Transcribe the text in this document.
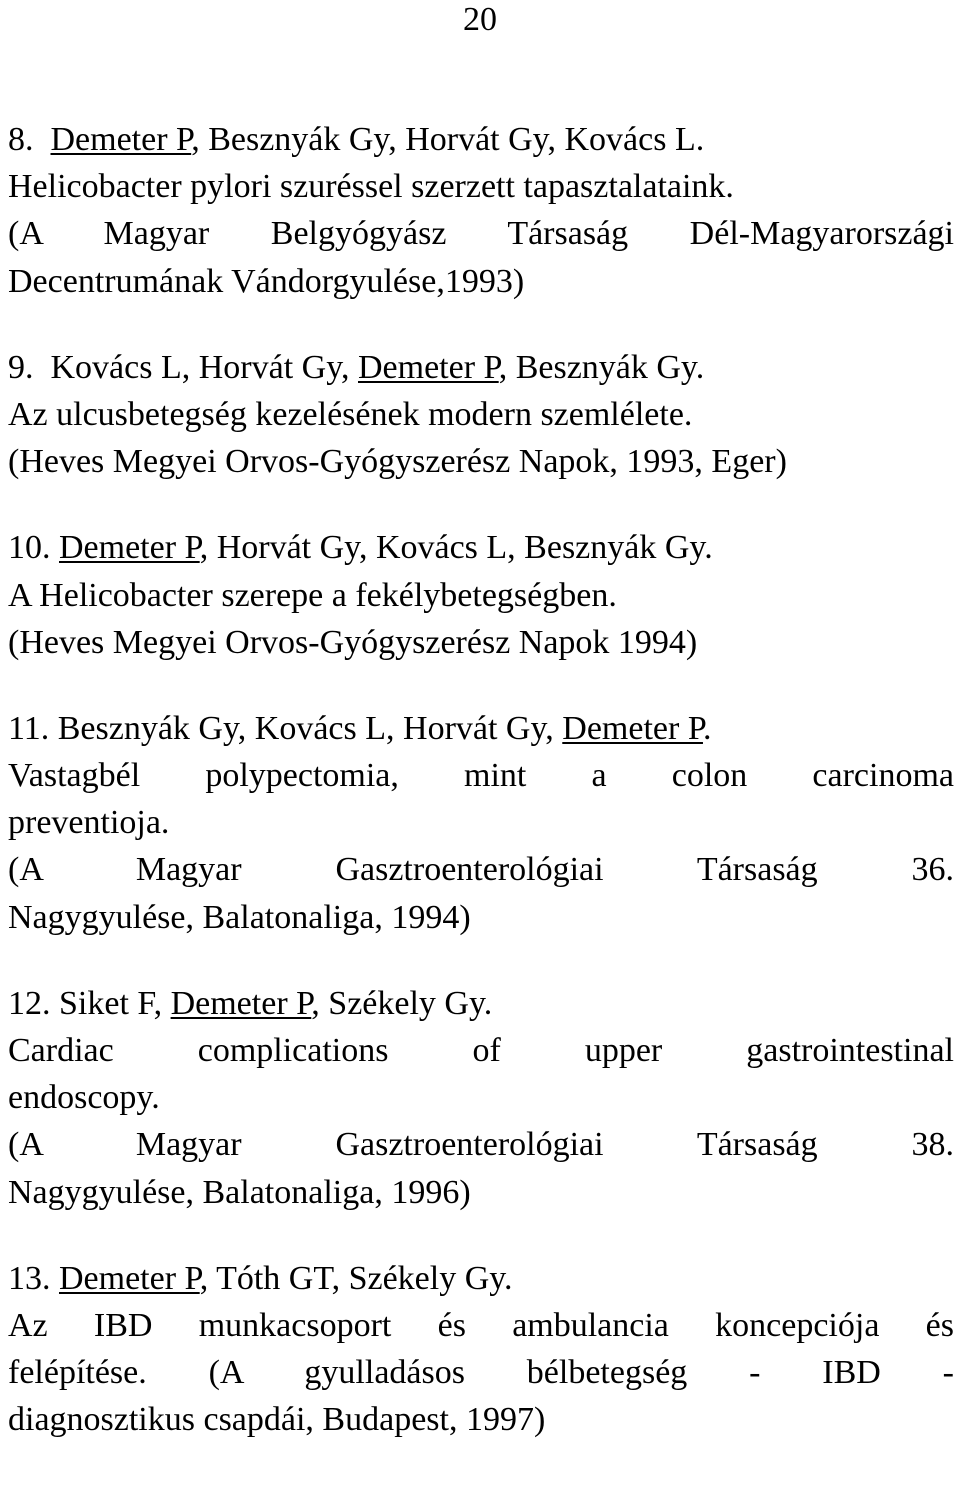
20
8. Demeter P, Besznyák Gy, Horvát Gy, Kovács L.
Helicobacter pylori szuréssel szerzett tapasztalataink.
(A Magyar Belgyógyász Társaság Dél-Magyarországi
Decentrumának Vándorgyulése,1993)
9. Kovács L, Horvát Gy, Demeter P, Besznyák Gy.
Az ulcusbetegség kezelésének modern szemlélete.
(Heves Megyei Orvos-Gyógyszerész Napok, 1993, Eger)
10. Demeter P, Horvát Gy, Kovács L, Besznyák Gy.
A Helicobacter szerepe a fekélybetegségben.
(Heves Megyei Orvos-Gyógyszerész Napok 1994)
11. Besznyák Gy, Kovács L, Horvát Gy, Demeter P.
Vastagbél polypectomia, mint a colon carcinoma
preventioja.
(A Magyar Gasztroenterológiai Társaság 36.
Nagygyulése, Balatonaliga, 1994)
12. Siket F, Demeter P, Székely Gy.
Cardiac complications of upper gastrointestinal
endoscopy.
(A Magyar Gasztroenterológiai Társaság 38.
Nagygyulése, Balatonaliga, 1996)
13. Demeter P, Tóth GT, Székely Gy.
Az IBD munkacsoport és ambulancia koncepciója és
felépítése. (A gyulladásos bélbetegség - IBD -
diagnosztikus csapdái, Budapest, 1997)
